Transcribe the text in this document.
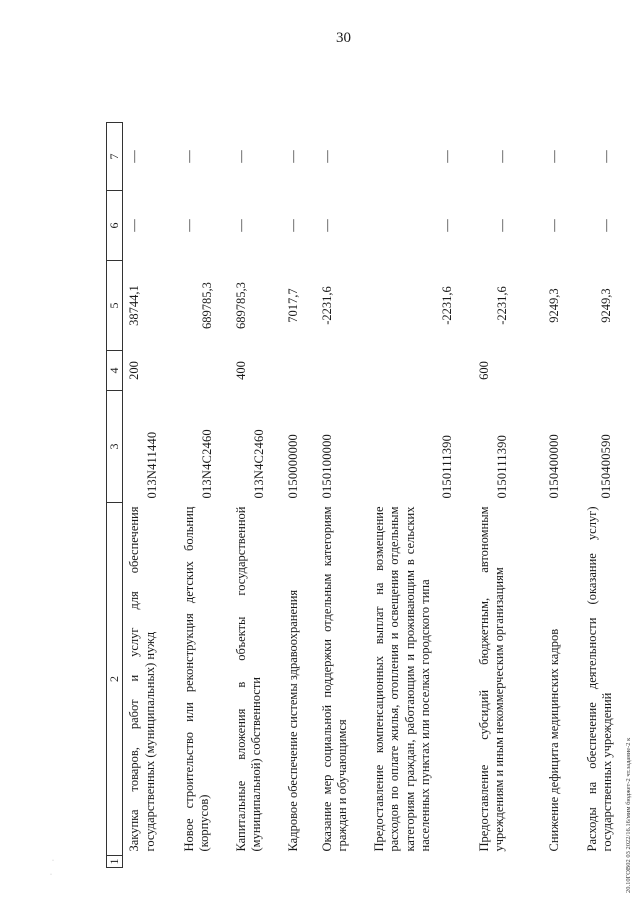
30
·
·
1	2	3	4	5	6	7
	Закупка товаров, работ и услуг для обеспечения государственных (муниципальных) нужд	013N411440	200	38744,1	—	—
	Новое строительство или реконструкция детских больниц (корпусов)	013N4C2460		689785,3	—	—
	Капитальные вложения в объекты государственной (муниципальной) собственности	013N4C2460	400	689785,3	—	—
	Кадровое обеспечение системы здравоохранения	0150000000		7017,7	—	—
	Оказание мер социальной поддержки отдельным категориям граждан и обучающимся	0150100000		-2231,6	—	—
	Предоставление компенсационных выплат на возмещение расходов по оплате жилья, отопления и освещения отдельным категориям граждан, работающим и проживающим в сельских населенных пунктах или поселках городского типа	0150111390		-2231,6	—	—
	Предоставление субсидий бюджетным, автономным учреждениям и иным некоммерческим организациям	0150111390	600	-2231,6	—	—
	Снижение дефицита медицинских кадров	0150400000		9249,3	—	—
	Расходы на обеспечение деятельности (оказание услуг) государственных учреждений	0150400590		9249,3	—	—
20.10ГОВ02 03 2022/16.16/мим бюджет-2 чт.задание-2 к
